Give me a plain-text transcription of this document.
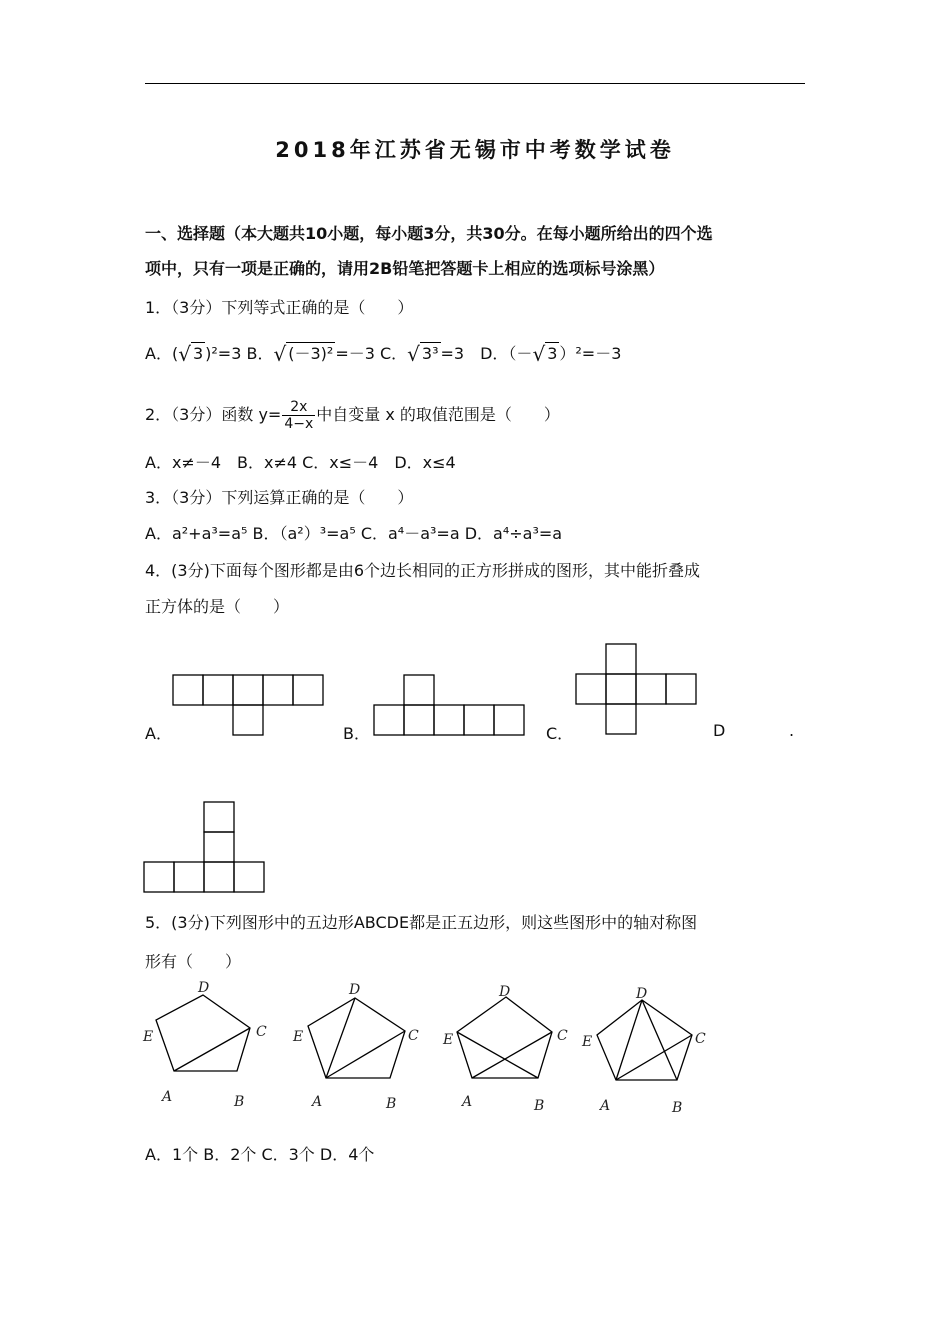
2018年江苏省无锡市中考数学试卷
一、选择题（本大题共10小题，每小题3分，共30分。在每小题所给出的四个选
项中，只有一项是正确的，请用2B铅笔把答题卡上相应的选项标号涂黑）
1．（3分）下列等式正确的是（　　）
A．(√ 3 )²=3 B．√ (－3)² =－3 C．√ 3³ =3　D．（－√ 3 ）²=－3
2．（3分）函数 $y= \frac{2x}{4-x}$ 中自变量 x 的取值范围是（　　）
A．x≠－4　B．x≠4 C．x≤－4　D．x≤4
3．（3分）下列运算正确的是（　　）
A．a²+a³=a⁵ B．（a²）³=a⁵ C．a⁴－a³=a D．a⁴÷a³=a
4．(3分)下面每个图形都是由6个边长相同的正方形拼成的图形，其中能折叠成
正方体的是（　　）
A．	B．	C．	D	.
5．(3分)下列图形中的五边形ABCDE都是正五边形，则这些图形中的轴对称图
形有（　　）
A	B
C
D
E
A	B
C
D
E
A	B
C
D
E
A	B
C
D
E
A．1个 B．2个 C．3个 D．4个
